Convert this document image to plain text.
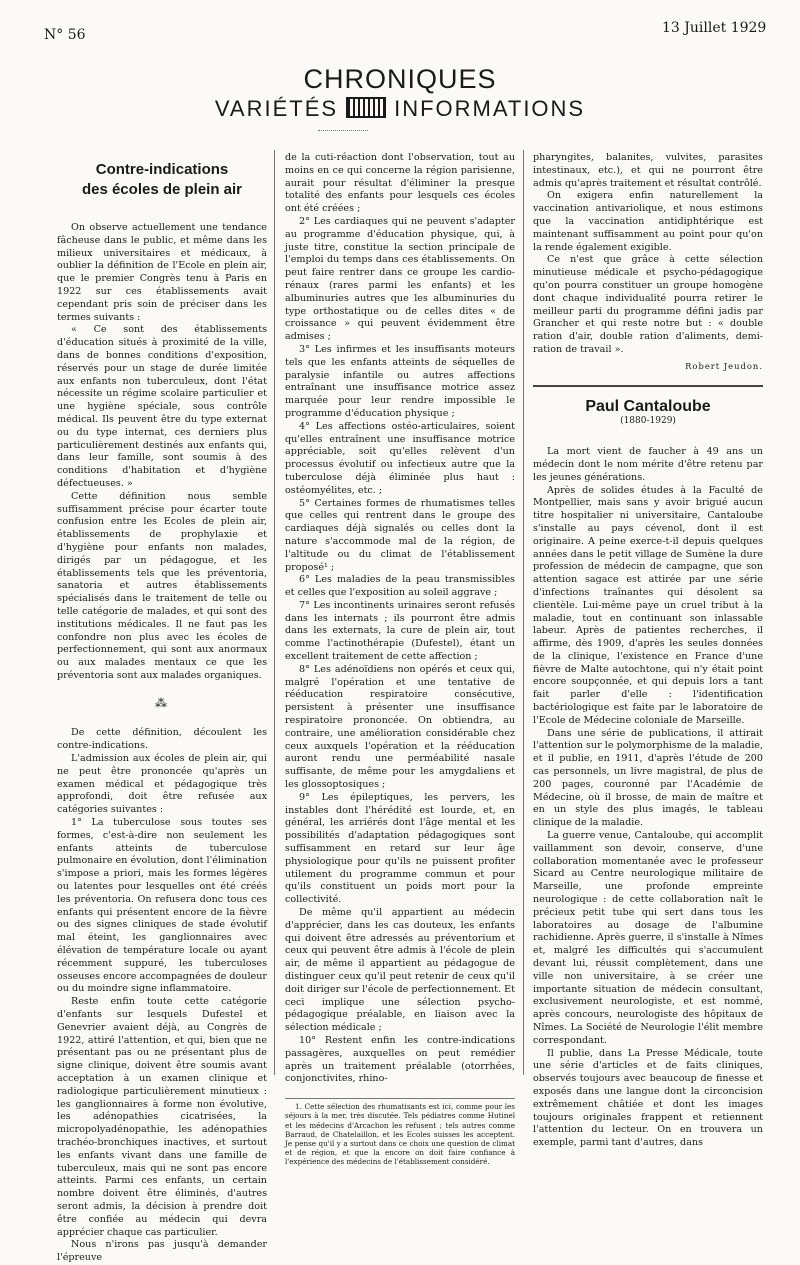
N° 56	13 Juillet 1929
CHRONIQUES
VARIÉTÉS	INFORMATIONS
Contre-indications
des écoles de plein air

On observe actuellement une tendance fâcheuse dans le public, et même dans les milieux universitaires et médicaux, à oublier la définition de l'Ecole en plein air, que le premier Congrès tenu à Paris en 1922 sur ces établissements avait cependant pris soin de préciser dans les termes suivants :

« Ce sont des établissements d'éducation situés à proximité de la ville, dans de bonnes conditions d'exposition, réservés pour un stage de durée limitée aux enfants non tuberculeux, dont l'état nécessite un régime scolaire particulier et une hygiène spéciale, sous contrôle médical. Ils peuvent être du type externat ou du type internat, ces derniers plus particulièrement destinés aux enfants qui, dans leur famille, sont soumis à des conditions d'habitation et d'hygiène défectueuses. »

Cette définition nous semble suffisamment précise pour écarter toute confusion entre les Ecoles de plein air, établissements de prophylaxie et d'hygiène pour enfants non malades, dirigés par un pédagogue, et les établissements tels que les préventoria, sanatoria et autres établissements spécialisés dans le traitement de telle ou telle catégorie de malades, et qui sont des institutions médicales. Il ne faut pas les confondre non plus avec les écoles de perfectionnement, qui sont aux anormaux ou aux malades mentaux ce que les préventoria sont aux malades organiques.

⁂

De cette définition, découlent les contre-indications.

L'admission aux écoles de plein air, qui ne peut être prononcée qu'après un examen médical et pédagogique très approfondi, doit être refusée aux catégories suivantes :

1° La tuberculose sous toutes ses formes, c'est-à-dire non seulement les enfants atteints de tuberculose pulmonaire en évolution, dont l'élimination s'impose a priori, mais les formes légères ou latentes pour lesquelles ont été créés les préventoria. On refusera donc tous ces enfants qui présentent encore de la fièvre ou des signes cliniques de stade évolutif mal éteint, les ganglionnaires avec élévation de température locale ou ayant récemment suppuré, les tuberculoses osseuses encore accompagnées de douleur ou du moindre signe inflammatoire.

Reste enfin toute cette catégorie d'enfants sur lesquels Dufestel et Genevrier avaient déjà, au Congrès de 1922, attiré l'attention, et qui, bien que ne présentant pas ou ne présentant plus de signe clinique, doivent être soumis avant acceptation à un examen clinique et radiologique particulièrement minutieux : les ganglionnaires à forme non évolutive, les adénopathies cicatrisées, la micropolyadénopathie, les adénopathies trachéo-bronchiques inactives, et surtout les enfants vivant dans une famille de tuberculeux, mais qui ne sont pas encore atteints. Parmi ces enfants, un certain nombre doivent être éliminés, d'autres seront admis, la décision à prendre doit être confiée au médecin qui devra apprécier chaque cas particulier.

Nous n'irons pas jusqu'à demander l'épreuve

de la cuti-réaction dont l'observation, tout au moins en ce qui concerne la région parisienne, aurait pour résultat d'éliminer la presque totalité des enfants pour lesquels ces écoles ont été créées ;

2° Les cardiaques qui ne peuvent s'adapter au programme d'éducation physique, qui, à juste titre, constitue la section principale de l'emploi du temps dans ces établissements. On peut faire rentrer dans ce groupe les cardio-rénaux (rares parmi les enfants) et les albuminuries autres que les albuminuries du type orthostatique ou de celles dites « de croissance » qui peuvent évidemment être admises ;

3° Les infirmes et les insuffisants moteurs tels que les enfants atteints de séquelles de paralysie infantile ou autres affections entraînant une insuffisance motrice assez marquée pour leur rendre impossible le programme d'éducation physique ;

4° Les affections ostéo-articulaires, soient qu'elles entraînent une insuffisance motrice appréciable, soit qu'elles relèvent d'un processus évolutif ou infectieux autre que la tuberculose déjà éliminée plus haut : ostéomyélites, etc. ;

5° Certaines formes de rhumatismes telles que celles qui rentrent dans le groupe des cardiaques déjà signalés ou celles dont la nature s'accommode mal de la région, de l'altitude ou du climat de l'établissement proposé¹ ;

6° Les maladies de la peau transmissibles et celles que l'exposition au soleil aggrave ;

7° Les incontinents urinaires seront refusés dans les internats ; ils pourront être admis dans les externats, la cure de plein air, tout comme l'actinothérapie (Dufestel), étant un excellent traitement de cette affection ;

8° Les adénoïdiens non opérés et ceux qui, malgré l'opération et une tentative de rééducation respiratoire consécutive, persistent à présenter une insuffisance respiratoire prononcée. On obtiendra, au contraire, une amélioration considérable chez ceux auxquels l'opération et la rééducation auront rendu une perméabilité nasale suffisante, de même pour les amygdaliens et les glossoptosiques ;

9° Les épileptiques, les pervers, les instables dont l'hérédité est lourde, et, en général, les arriérés dont l'âge mental et les possibilités d'adaptation pédagogiques sont suffisamment en retard sur leur âge physiologique pour qu'ils ne puissent profiter utilement du programme commun et pour qu'ils constituent un poids mort pour la collectivité.

De même qu'il appartient au médecin d'apprécier, dans les cas douteux, les enfants qui doivent être adressés au préventorium et ceux qui peuvent être admis à l'école de plein air, de même il appartient au pédagogue de distinguer ceux qu'il peut retenir de ceux qu'il doit diriger sur l'école de perfectionnement. Et ceci implique une sélection psycho-pédagogique préalable, en liaison avec la sélection médicale ;

10° Restent enfin les contre-indications passagères, auxquelles on peut remédier après un traitement préalable (otorrhées, conjonctivites, rhino-

1. Cette sélection des rhumatisants est ici, comme pour les séjours à la mer, très discutée. Tels pédiatres comme Hutinel et les médecins d'Arcachon les refusent ; tels autres comme Barraud, de Chatelaillon, et les Ecoles suisses les acceptent. Je pense qu'il y a surtout dans ce choix une question de climat et de région, et que la encore on doit faire confiance à l'expérience des médecins de l'établissement considéré.

pharyngites, balanites, vulvites, parasites intestinaux, etc.), et qui ne pourront être admis qu'après traitement et résultat contrôlé.

On exigera enfin naturellement la vaccination antivariolique, et nous estimons que la vaccination antidiphtérique est maintenant suffisamment au point pour qu'on la rende également exigible.

Ce n'est que grâce à cette sélection minutieuse médicale et psycho-pédagogique qu'on pourra constituer un groupe homogène dont chaque individualité pourra retirer le meilleur parti du programme défini jadis par Grancher et qui reste notre but : « double ration d'air, double ration d'aliments, demi-ration de travail ».

Robert Jeudon.
Paul Cantaloube
(1880-1929)

La mort vient de faucher à 49 ans un médecin dont le nom mérite d'être retenu par les jeunes générations.

Après de solides études à la Faculté de Montpellier, mais sans y avoir brigué aucun titre hospitalier ni universitaire, Cantaloube s'installe au pays cévenol, dont il est originaire. A peine exerce-t-il depuis quelques années dans le petit village de Sumène la dure profession de médecin de campagne, que son attention sagace est attirée par une série d'infections traînantes qui désolent sa clientèle. Lui-même paye un cruel tribut à la maladie, tout en continuant son inlassable labeur. Après de patientes recherches, il affirme, dès 1909, d'après les seules données de la clinique, l'existence en France d'une fièvre de Malte autochtone, qui n'y était point encore soupçonnée, et qui depuis lors a tant fait parler d'elle : l'identification bactériologique est faite par le laboratoire de l'Ecole de Médecine coloniale de Marseille.

Dans une série de publications, il attirait l'attention sur le polymorphisme de la maladie, et il publie, en 1911, d'après l'étude de 200 cas personnels, un livre magistral, de plus de 200 pages, couronné par l'Académie de Médecine, où il brosse, de main de maître et en un style des plus imagés, le tableau clinique de la maladie.

La guerre venue, Cantaloube, qui accomplit vaillamment son devoir, conserve, d'une collaboration momentanée avec le professeur Sicard au Centre neurologique militaire de Marseille, une profonde empreinte neurologique : de cette collaboration naît le précieux petit tube qui sert dans tous les laboratoires au dosage de l'albumine rachidienne. Après guerre, il s'installe à Nîmes et, malgré les difficultés qui s'accumulent devant lui, réussit complètement, dans une ville non universitaire, à se créer une importante situation de médecin consultant, exclusivement neurologiste, et est nommé, après concours, neurologiste des hôpitaux de Nîmes. La Société de Neurologie l'élit membre correspondant.

Il publie, dans La Presse Médicale, toute une série d'articles et de faits cliniques, observés toujours avec beaucoup de finesse et exposés dans une langue dont la circoncision extrêmement châtiée et dont les images toujours originales frappent et retiennent l'attention du lecteur. On en trouvera un exemple, parmi tant d'autres, dans
